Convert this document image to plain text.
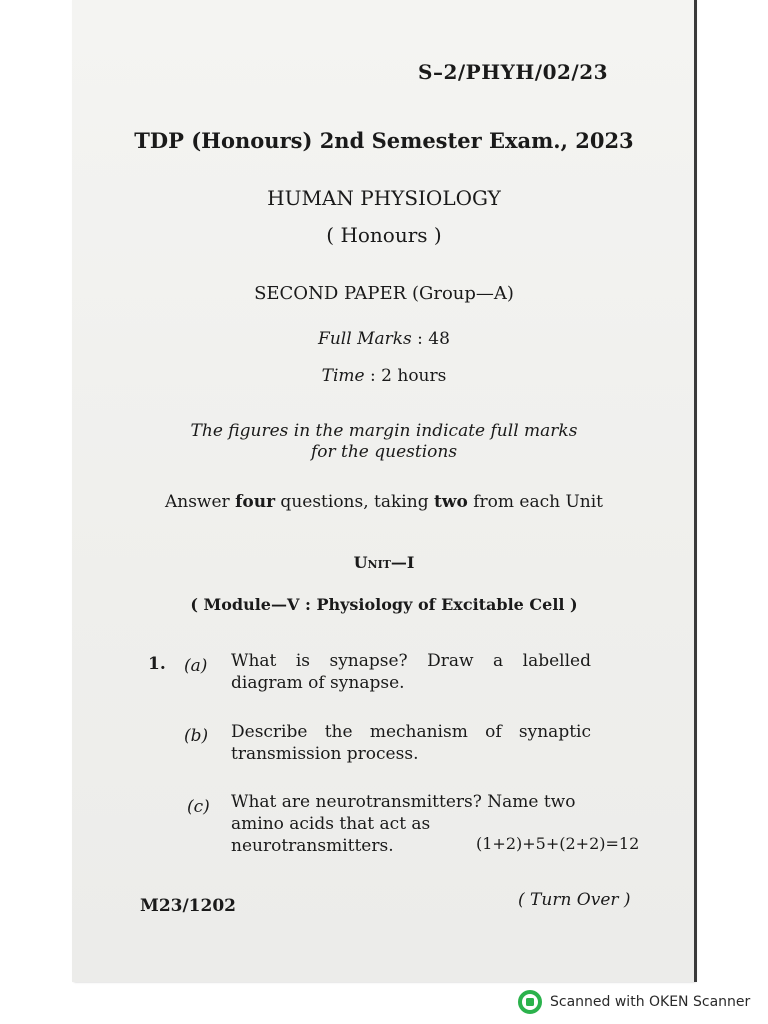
S–2/PHYH/02/23
TDP (Honours) 2nd Semester Exam., 2023
HUMAN PHYSIOLOGY
( Honours )
SECOND PAPER (Group—A)
Full Marks : 48
Time : 2 hours
The figures in the margin indicate full marks
for the questions
Answer four questions, taking two from each Unit
Unit—I
( Module—V : Physiology of Excitable Cell )
1. (a) What is synapse? Draw a labelled diagram of synapse.
(b) Describe the mechanism of synaptic transmission process.
(c) What are neurotransmitters? Name two amino acids that act as neurotransmitters.	(1+2)+5+(2+2)=12
M23/1202	( Turn Over )
Scanned with OKEN Scanner
